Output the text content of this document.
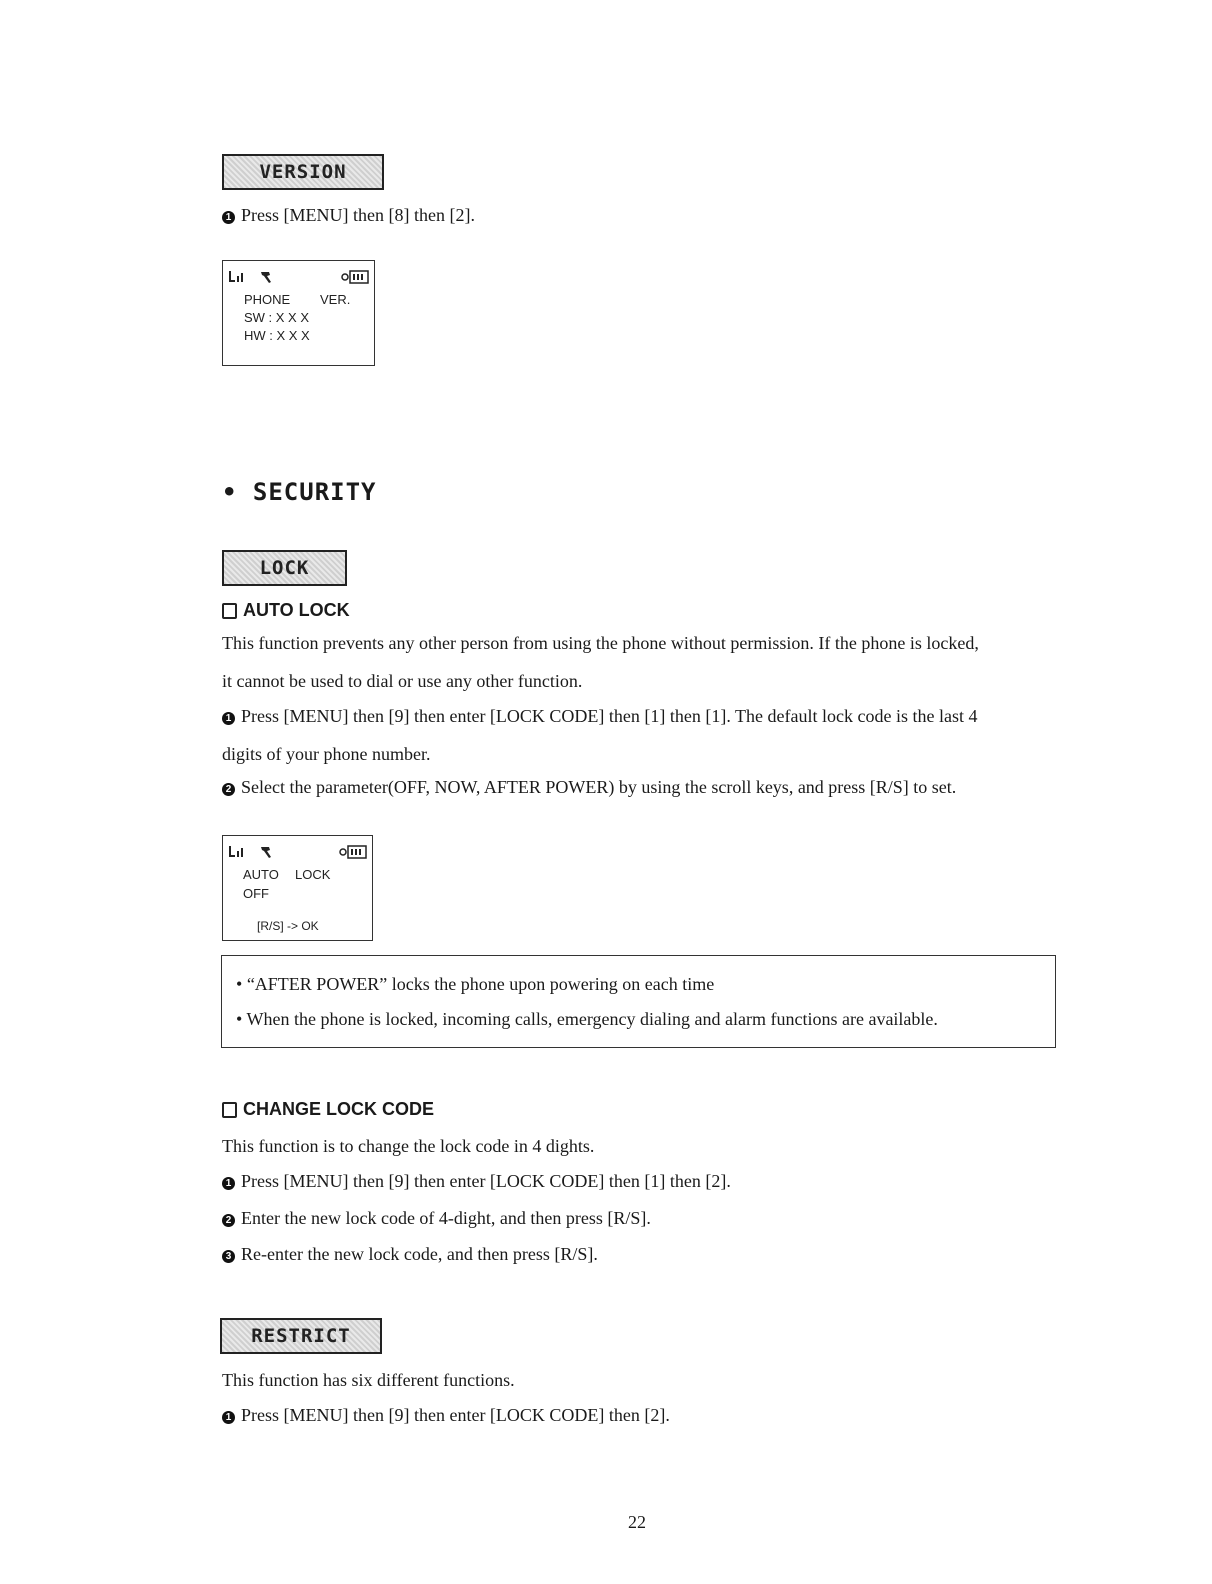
VERSION
1 Press [MENU] then [8] then [2].
PHONE VER.
SW : X X X
HW : X X X
• SECURITY
LOCK
AUTO LOCK
This function prevents any other person from using the phone without permission. If the phone is locked,
it cannot be used to dial or use any other function.
1 Press [MENU] then [9] then enter [LOCK CODE] then [1] then [1]. The default lock code is the last 4
digits of your phone number.
2 Select the parameter(OFF, NOW, AFTER POWER) by using the scroll keys, and press [R/S] to set.
AUTO LOCK
OFF
[R/S] -> OK
• “AFTER POWER” locks the phone upon powering on each time
• When the phone is locked, incoming calls, emergency dialing and alarm functions are available.
CHANGE LOCK CODE
This function is to change the lock code in 4 dights.
1 Press [MENU] then [9] then enter [LOCK CODE] then [1] then [2].
2 Enter the new lock code of 4-dight, and then press [R/S].
3 Re-enter the new lock code, and then press [R/S].
RESTRICT
This function has six different functions.
1 Press [MENU] then [9] then enter [LOCK CODE] then [2].
22
